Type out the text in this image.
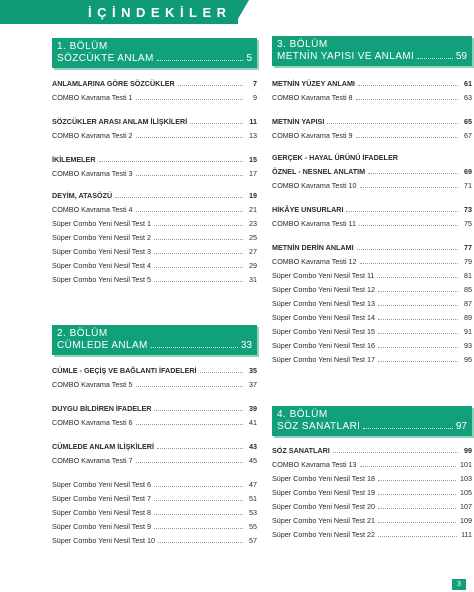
İÇİNDEKİLER
1. BÖLÜM
SÖZCÜKTE ANLAM	5
ANLAMLARINA GÖRE SÖZCÜKLER	7
COMBO Kavrama Testi 1	9
SÖZCÜKLER ARASI ANLAM İLİŞKİLERİ	11
COMBO Kavrama Testi 2	13
İKİLEMELER	15
COMBO Kavrama Testi 3	17
DEYİM, ATASÖZÜ	19
COMBO Kavrama Testi 4	21
Süper Combo Yeni Nesil Test 1	23
Süper Combo Yeni Nesil Test 2	25
Süper Combo Yeni Nesil Test 3	27
Süper Combo Yeni Nesil Test 4	29
Süper Combo Yeni Nesil Test 5	31
2. BÖLÜM
CÜMLEDE ANLAM	33
CÜMLE - GEÇİŞ VE BAĞLANTI İFADELERİ	35
COMBO Kavrama Testi 5	37
DUYGU BİLDİREN İFADELER	39
COMBO Kavrama Testi 6	41
CÜMLEDE ANLAM İLİŞKİLERİ	43
COMBO Kavrama Testi 7	45
Süper Combo Yeni Nesil Test 6	47
Süper Combo Yeni Nesil Test 7	51
Süper Combo Yeni Nesil Test 8	53
Süper Combo Yeni Nesil Test 9	55
Süper Combo Yeni Nesil Test 10	57
3. BÖLÜM
METNİN YAPISI VE ANLAMI	59
METNİN YÜZEY ANLAMI	61
COMBO Kavrama Testi 8	63
METNİN YAPISI	65
COMBO Kavrama Testi 9	67
GERÇEK - HAYAL ÜRÜNÜ İFADELER
ÖZNEL - NESNEL ANLATIM	69
COMBO Kavrama Testi 10	71
HİKÂYE UNSURLARI	73
COMBO Kavrama Testi 11	75
METNİN DERİN ANLAMI	77
COMBO Kavrama Testi 12	79
Süper Combo Yeni Nesil Test 11	81
Süper Combo Yeni Nesil Test 12	85
Süper Combo Yeni Nesil Test 13	87
Süper Combo Yeni Nesil Test 14	89
Süper Combo Yeni Nesil Test 15	91
Süper Combo Yeni Nesil Test 16	93
Süper Combo Yeni Nesil Test 17	95
4. BÖLÜM
SÖZ SANATLARI	97
SÖZ SANATLARI	99
COMBO Kavrama Testi 13	101
Süper Combo Yeni Nesil Test 18	103
Süper Combo Yeni Nesil Test 19	105
Süper Combo Yeni Nesil Test 20	107
Süper Combo Yeni Nesil Test 21	109
Süper Combo Yeni Nesil Test 22	111
3
